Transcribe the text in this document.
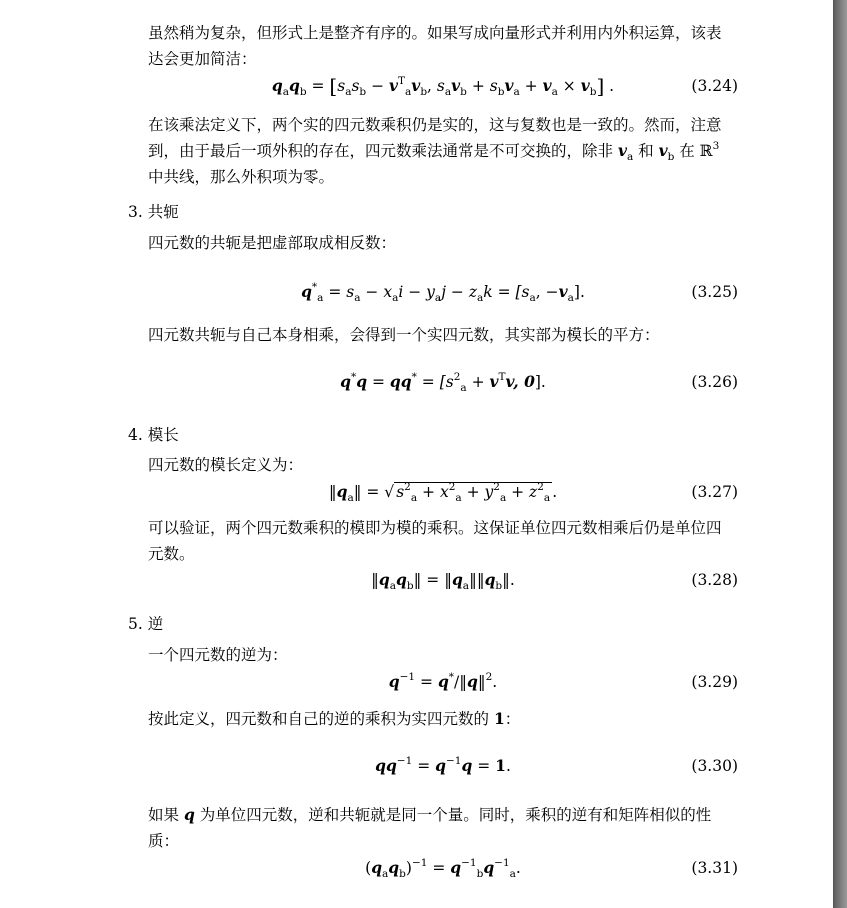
虽然稍为复杂，但形式上是整齐有序的。如果写成向量形式并利用内外积运算，该表
达会更加简洁：
$q_aq_b = [s_as_b - v^T_av_b$, $s_av_b + s_bv_a + v_a \times v_b$] .	(3.24)
在该乘法定义下，两个实的四元数乘积仍是实的，这与复数也是一致的。然而，注意
到，由于最后一项外积的存在，四元数乘法通常是不可交换的，除非 $v_a$ 和 $v_b$ 在 ℝ$^3$
中共线，那么外积项为零。
3. 共轭
四元数的共轭是把虚部取成相反数：
$q^*_a = s_a - x_ai - y_aj - z_ak = [s_a$, $-v_a$].	(3.25)
四元数共轭与自己本身相乘，会得到一个实四元数，其实部为模长的平方：
$q^*q = qq^* = [s^2_a + v^Tv$, 0].	(3.26)
4. 模长
四元数的模长定义为：
$‖q_a‖$ = √ $s^2_a + x^2_a + y^2_a + z^2_a$ .	(3.27)
可以验证，两个四元数乘积的模即为模的乘积。这保证单位四元数相乘后仍是单位四
元数。
$‖q_aq_b‖$ = $‖q_a‖‖q_b‖$.	(3.28)
5. 逆
一个四元数的逆为：
$q^{-1}$ = q*/‖q‖$^2$.	(3.29)
按此定义，四元数和自己的逆的乘积为实四元数的 1：
$qq^{-1} = q^{-1}q = 1$.	(3.30)
如果 q 为单位四元数，逆和共轭就是同一个量。同时，乘积的逆有和矩阵相似的性
质：
$(q_aq_b)^{-1} = q^{-1}_bq^{-1}_a$.	(3.31)
